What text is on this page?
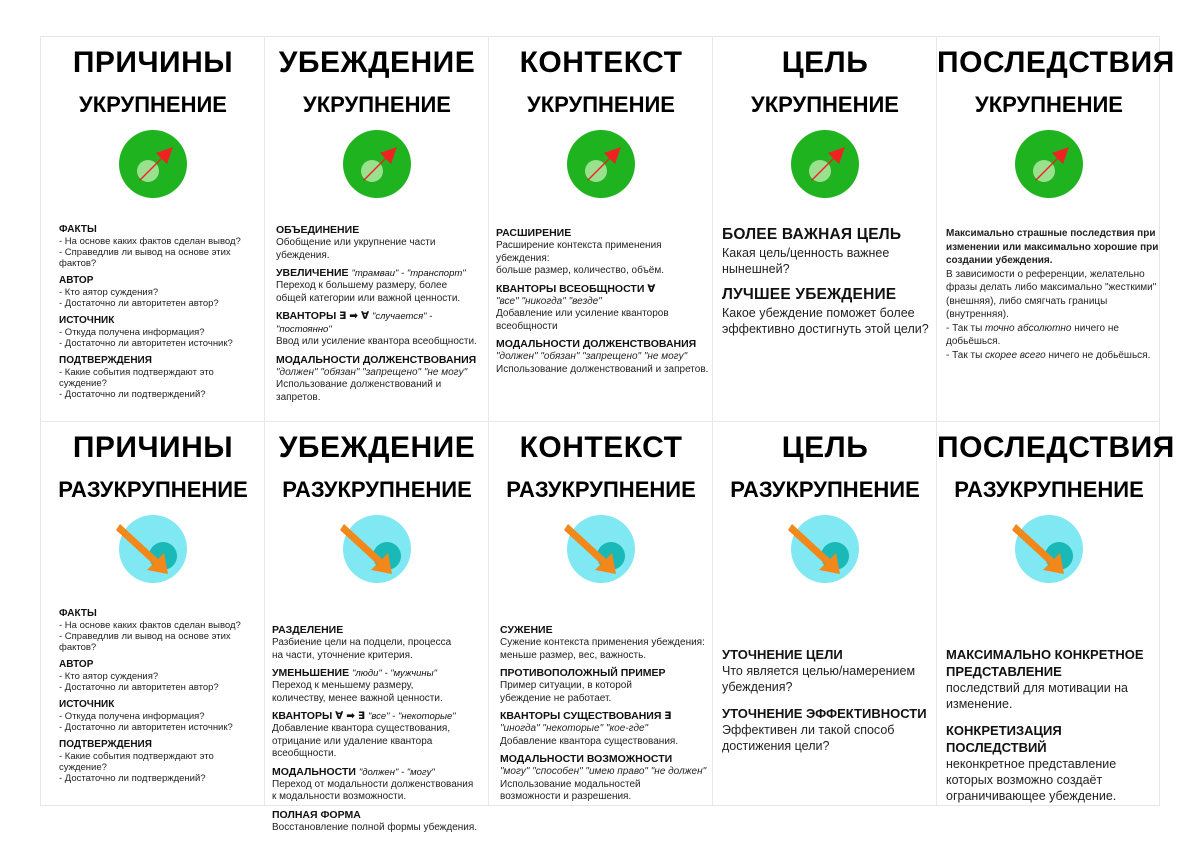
ПРИЧИНЫ
УКРУПНЕНИЕ
ФАКТЫ
- На основе каких фактов сделан вывод?
- Справедлив ли вывод на основе этих фактов?
АВТОР
- Кто аятор суждения?
- Достаточно ли авторитетен автор?
ИСТОЧНИК
- Откуда получена информация?
- Достаточно ли авторитетен источник?
ПОДТВЕРЖДЕНИЯ
- Какие события подтверждают это суждение?
- Достаточно ли подтверждений?
УБЕЖДЕНИЕ
УКРУПНЕНИЕ
ОБЪЕДИНЕНИЕ
Обобщение или укрупнение части убеждения.
УВЕЛИЧЕНИЕ "трамваи" - "транспорт"
Переход к большему размеру, более
общей категории или важной ценности.
КВАНТОРЫ ∃ ➡ ∀ "случается" - "постоянно"
Ввод или усиление квантора всеобщности.
МОДАЛЬНОСТИ ДОЛЖЕНСТВОВАНИЯ
"должен" "обязан" "запрещено" "не могу"
Использование долженствований и запретов.
КОНТЕКСТ
УКРУПНЕНИЕ
РАСШИРЕНИЕ
Расширение контекста применения убеждения:
больше размер, количество, объём.
КВАНТОРЫ ВСЕОБЩНОСТИ ∀
"все" "никогда" "везде"
Добавление или усиление кванторов всеобщности
МОДАЛЬНОСТИ ДОЛЖЕНСТВОВАНИЯ
"должен" "обязан" "запрещено" "не могу"
Использование долженствований и запретов.
ЦЕЛЬ
УКРУПНЕНИЕ
БОЛЕЕ ВАЖНАЯ ЦЕЛЬ
Какая цель/ценность важнее
нынешней?
ЛУЧШЕЕ УБЕЖДЕНИЕ
Какое убеждение поможет более
эффективно достигнуть этой цели?
ПОСЛЕДСТВИЯ
УКРУПНЕНИЕ
Максимально страшные последствия при
изменении или максимально хорошие при
создании убеждения.
В зависимости о референции, желательно
фразы делать либо максимально "жесткими"
(внешняя), либо смягчать границы
(внутренняя).
- Так ты точно абсолютно ничего не
добьёшься.
- Так ты скорее всего ничего не добьёшься.
ПРИЧИНЫ
РАЗУКРУПНЕНИЕ
ФАКТЫ
- На основе каких фактов сделан вывод?
- Справедлив ли вывод на основе этих фактов?
АВТОР
- Кто аятор суждения?
- Достаточно ли авторитетен автор?
ИСТОЧНИК
- Откуда получена информация?
- Достаточно ли авторитетен источник?
ПОДТВЕРЖДЕНИЯ
- Какие события подтверждают это суждение?
- Достаточно ли подтверждений?
УБЕЖДЕНИЕ
РАЗУКРУПНЕНИЕ
РАЗДЕЛЕНИЕ
Разбиение цели на подцели, процесса
на части, уточнение критерия.
УМЕНЬШЕНИЕ "люди" - "мужчины"
Переход к меньшему размеру,
количеству, менее важной ценности.
КВАНТОРЫ ∀ ➡ ∃ "все" - "некоторые"
Добавление квантора существования,
отрицание или удаление квантора всеобщности.
МОДАЛЬНОСТИ "должен" - "могу"
Переход от модальности долженствования
к модальности возможности.
ПОЛНАЯ ФОРМА
Восстановление полной формы убеждения.
КОНТЕКСТ
РАЗУКРУПНЕНИЕ
СУЖЕНИЕ
Сужение контекста применения убеждения:
меньше размер, вес, важность.
ПРОТИВОПОЛОЖНЫЙ ПРИМЕР
Пример ситуации, в которой
убеждение не работает.
КВАНТОРЫ СУЩЕСТВОВАНИЯ ∃
"иногда" "некоторые" "кое-где"
Добавление квантора существования.
МОДАЛЬНОСТИ ВОЗМОЖНОСТИ
"могу" "способен" "имею право" "не должен"
Использование модальностей
возможности и разрешения.
ЦЕЛЬ
РАЗУКРУПНЕНИЕ
УТОЧНЕНИЕ ЦЕЛИ
Что является целью/намерением
убеждения?
УТОЧНЕНИЕ ЭФФЕКТИВНОСТИ
Эффективен ли такой способ
достижения цели?
ПОСЛЕДСТВИЯ
РАЗУКРУПНЕНИЕ
МАКСИМАЛЬНО КОНКРЕТНОЕ
ПРЕДСТАВЛЕНИЕ
последствий для мотивации на
изменение.
КОНКРЕТИЗАЦИЯ ПОСЛЕДСТВИЙ
неконкретное представление
которых возможно создаёт
ограничивающее убеждение.
